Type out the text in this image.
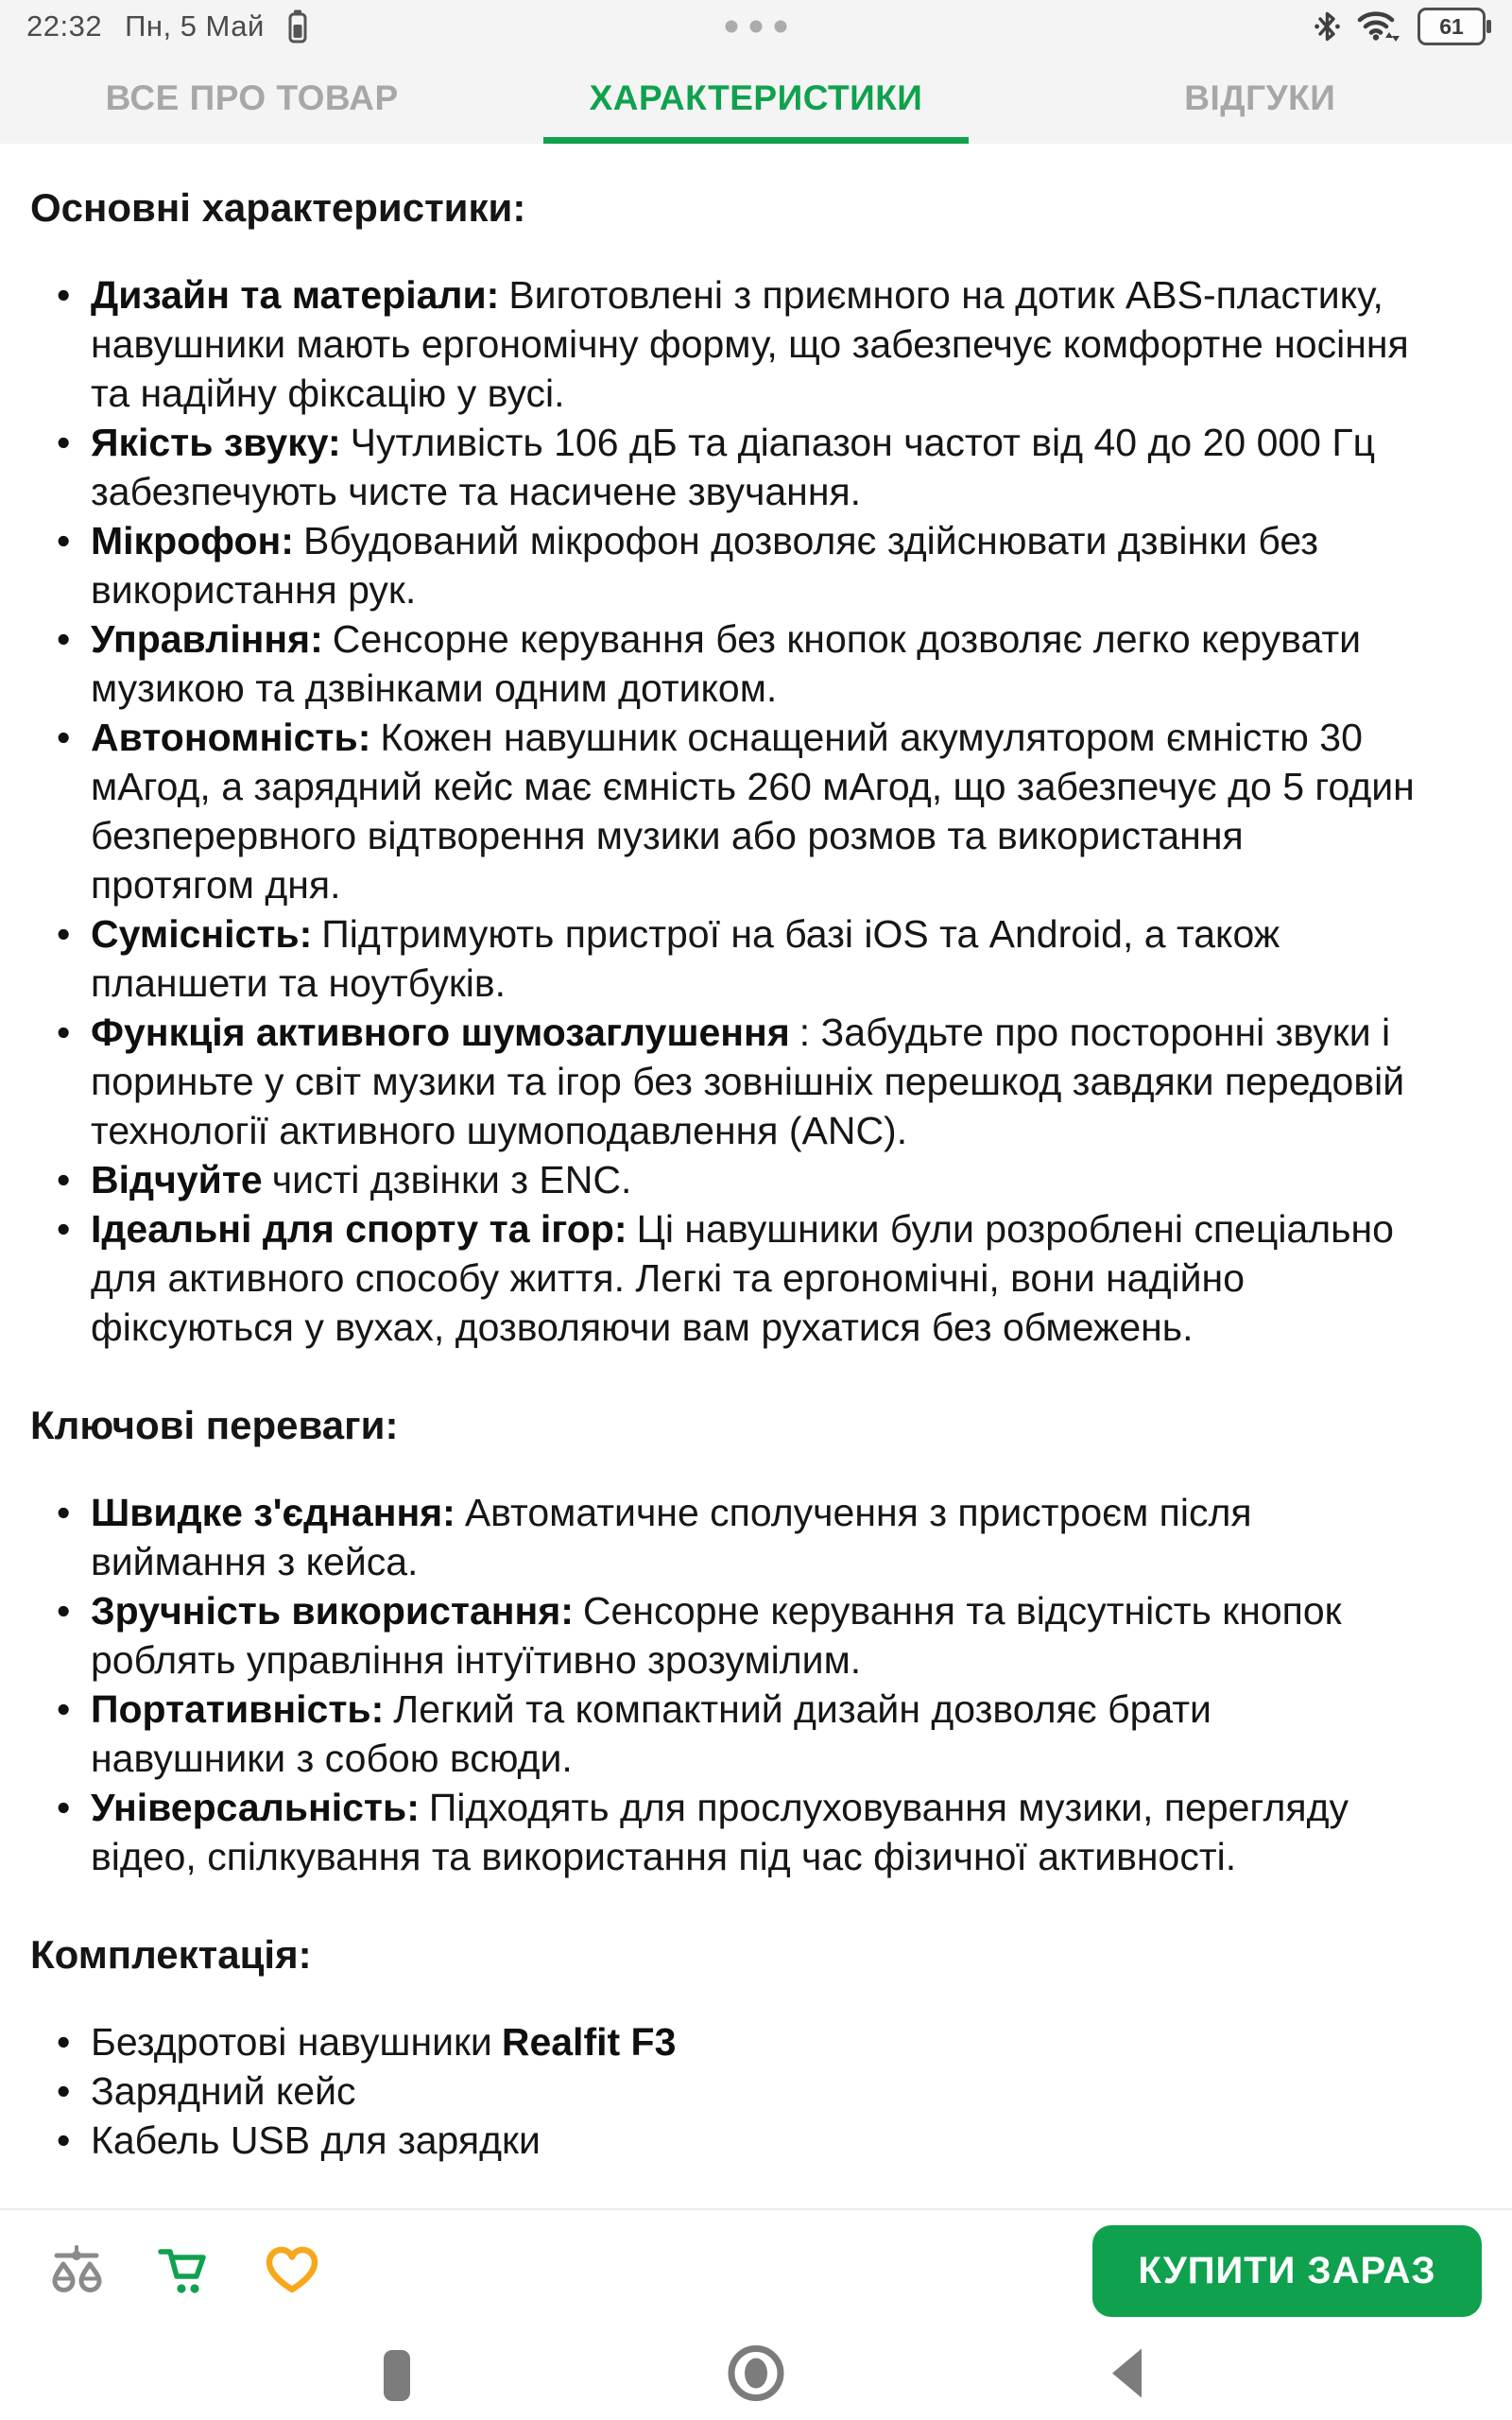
22:32 Пн, 5 Май	61
ВСЕ ПРО ТОВАР	ХАРАКТЕРИСТИКИ	ВІДГУКИ
Основні характеристики:
• Дизайн та матеріали: Виготовлені з приємного на дотик ABS-пластику, навушники мають ергономічну форму, що забезпечує комфортне носіння та надійну фіксацію у вусі.
• Якість звуку: Чутливість 106 дБ та діапазон частот від 40 до 20 000 Гц забезпечують чисте та насичене звучання.
• Мікрофон: Вбудований мікрофон дозволяє здійснювати дзвінки без використання рук.
• Управління: Сенсорне керування без кнопок дозволяє легко керувати музикою та дзвінками одним дотиком.
• Автономність: Кожен навушник оснащений акумулятором ємністю 30 мАгод, а зарядний кейс має ємність 260 мАгод, що забезпечує до 5 годин безперервного відтворення музики або розмов та використання протягом дня.
• Сумісність: Підтримують пристрої на базі iOS та Android, а також планшети та ноутбуків.
• Функція активного шумозаглушення : Забудьте про посторонні звуки і пориньте у світ музики та ігор без зовнішніх перешкод завдяки передовій технології активного шумоподавлення (ANC).
• Відчуйте чисті дзвінки з ENC.
• Ідеальні для спорту та ігор: Ці навушники були розроблені спеціально для активного способу життя. Легкі та ергономічні, вони надійно фіксуються у вухах, дозволяючи вам рухатися без обмежень.
Ключові переваги:
• Швидке з'єднання: Автоматичне сполучення з пристроєм після виймання з кейса.
• Зручність використання: Сенсорне керування та відсутність кнопок роблять управління інтуїтивно зрозумілим.
• Портативність: Легкий та компактний дизайн дозволяє брати навушники з собою всюди.
• Універсальність: Підходять для прослуховування музики, перегляду відео, спілкування та використання під час фізичної активності.
Комплектація:
• Бездротові навушники Realfit F3
• Зарядний кейс
• Кабель USB для зарядки
КУПИТИ ЗАРАЗ
